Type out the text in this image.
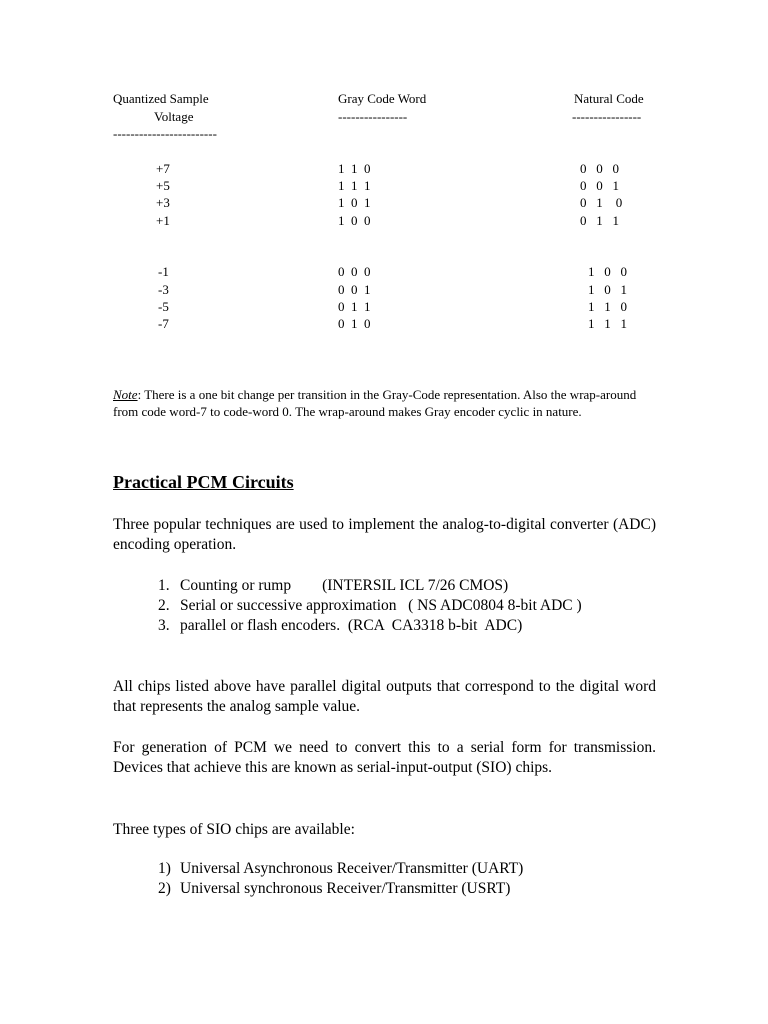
Quantized Sample
Voltage
------------------------
Gray Code Word
----------------
Natural Code
----------------
+7	1  1  0	0   0   0
+5	1  1  1	0   0   1
+3	1  0  1	0   1    0
+1	1  0  0	0   1   1
-1	0  0  0	1   0   0
-3	0  0  1	1   0   1
-5	0  1  1	1   1   0
-7	0  1  0	1   1   1
Note: There is a one bit change per transition in the Gray-Code representation. Also the wrap-around from code word-7 to code-word 0. The wrap-around makes Gray encoder cyclic in nature.
Practical PCM Circuits
Three popular techniques are used to implement the analog-to-digital converter (ADC) encoding operation.
1. Counting or rump        (INTERSIL ICL 7/26 CMOS)
2. Serial or successive approximation   ( NS ADC0804 8-bit ADC )
3. parallel or flash encoders.  (RCA  CA3318 b-bit  ADC)
All chips listed above have parallel digital outputs that correspond to the digital word that represents the analog sample value.
For generation of PCM we need to convert this to a serial form for transmission. Devices that achieve this are known as serial-input-output (SIO) chips.
Three types of SIO chips are available:
1) Universal Asynchronous Receiver/Transmitter (UART)
2) Universal synchronous Receiver/Transmitter (USRT)
